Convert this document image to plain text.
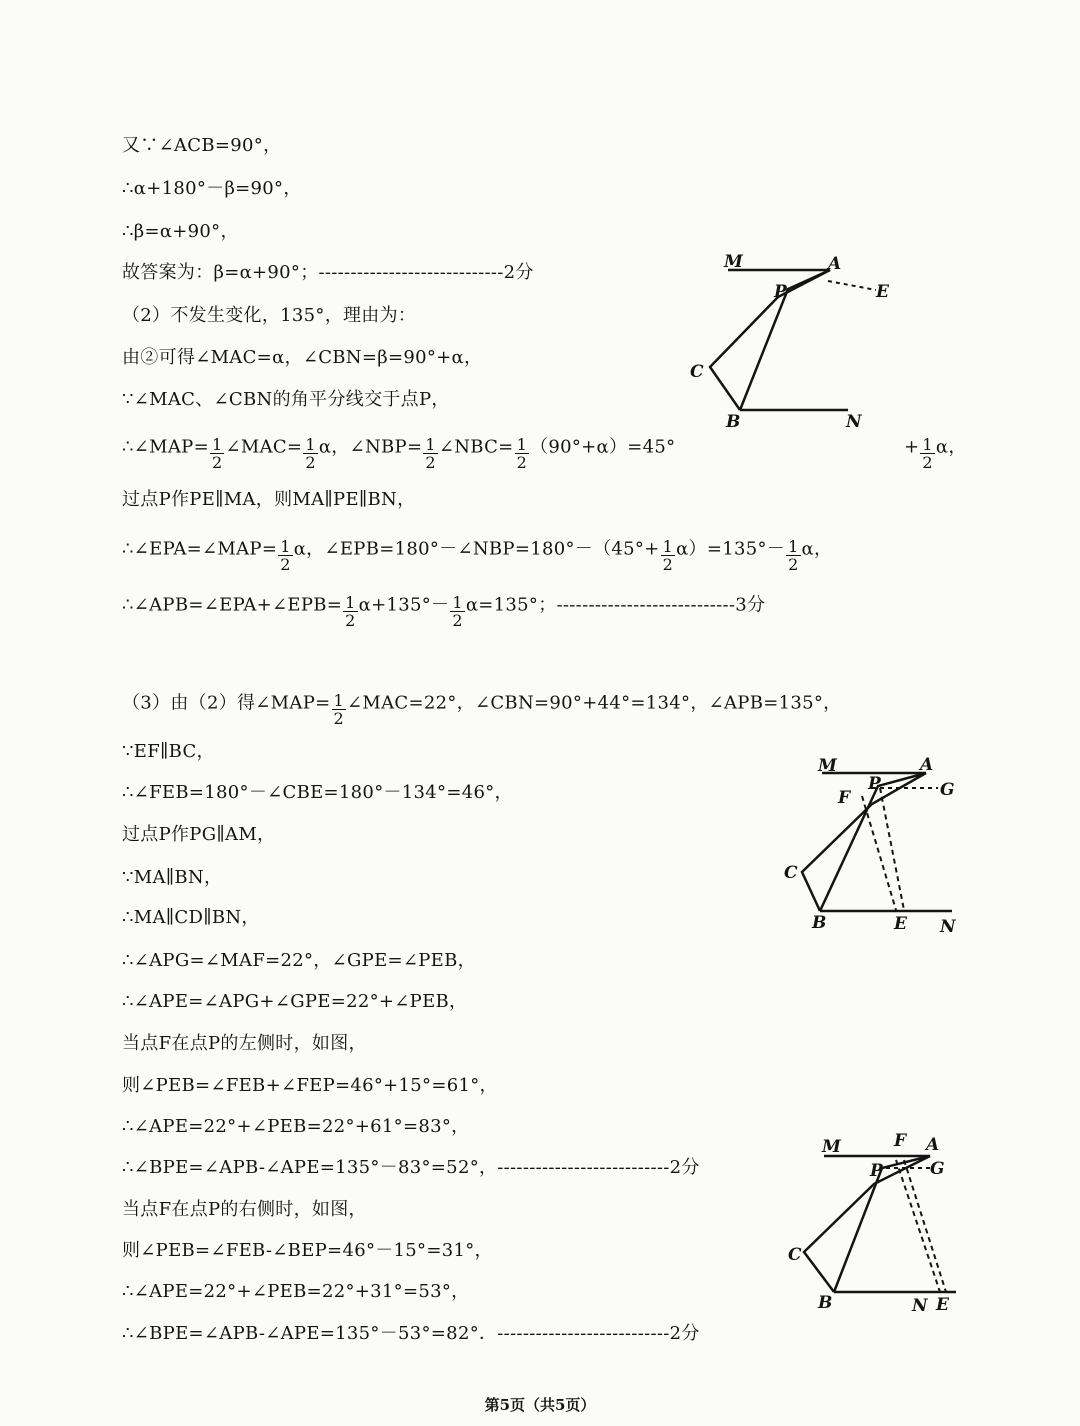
又∵∠ACB=90°，
∴α+180°－β=90°，
∴β=α+90°，
故答案为：β=α+90°；-----------------------------2分
（2）不发生变化，135°，理由为：
由②可得∠MAC=α，∠CBN=β=90°+α，
∵∠MAC、∠CBN的角平分线交于点P，
∴∠MAP= $\frac{1}{2}$ ∠MAC= $\frac{1}{2}$ α，∠NBP= $\frac{1}{2}$ ∠NBC= $\frac{1}{2} (90^\circ+\alpha)=45^\circ$	+ $\frac{1}{2}$ α，
过点P作PE∥MA，则MA∥PE∥BN，
∴∠EPA=∠MAP= $\frac{1}{2}$ α，∠EPB=180°－∠NBP=180°－（45°+ $\frac{1}{2} \alpha)=135^\circ- \frac{1}{2}$ α，
∴∠APB=∠EPA+∠EPB= $\frac{1}{2} \alpha+135^\circ- \frac{1}{2} \alpha=135^\circ$；----------------------------3分
（3）由（2）得∠MAP= $\frac{1}{2}$ ∠MAC=22°，∠CBN=90°+44°=134°，∠APB=135°，
∵EF∥BC，
∴∠FEB=180°－∠CBE=180°－134°=46°，
过点P作PG∥AM，
∵MA∥BN，
∴MA∥CD∥BN，
∴∠APG=∠MAF=22°，∠GPE=∠PEB，
∴∠APE=∠APG+∠GPE=22°+∠PEB，
当点F在点P的左侧时，如图，
则∠PEB=∠FEB+∠FEP=46°+15°=61°，
∴∠APE=22°+∠PEB=22°+61°=83°，
∴∠BPE=∠APB-∠APE=135°－83°=52°，---------------------------2分
当点F在点P的右侧时，如图，
则∠PEB=∠FEB-∠BEP=46°－15°=31°，
∴∠APE=22°+∠PEB=22°+31°=53°，
∴∠BPE=∠APB-∠APE=135°－53°=82°．---------------------------2分
M	A
P	E
C
B	N
M	A
P
F	G
C
B	E N
M	F A
P	G
C
B	N E
第5页（共5页）
